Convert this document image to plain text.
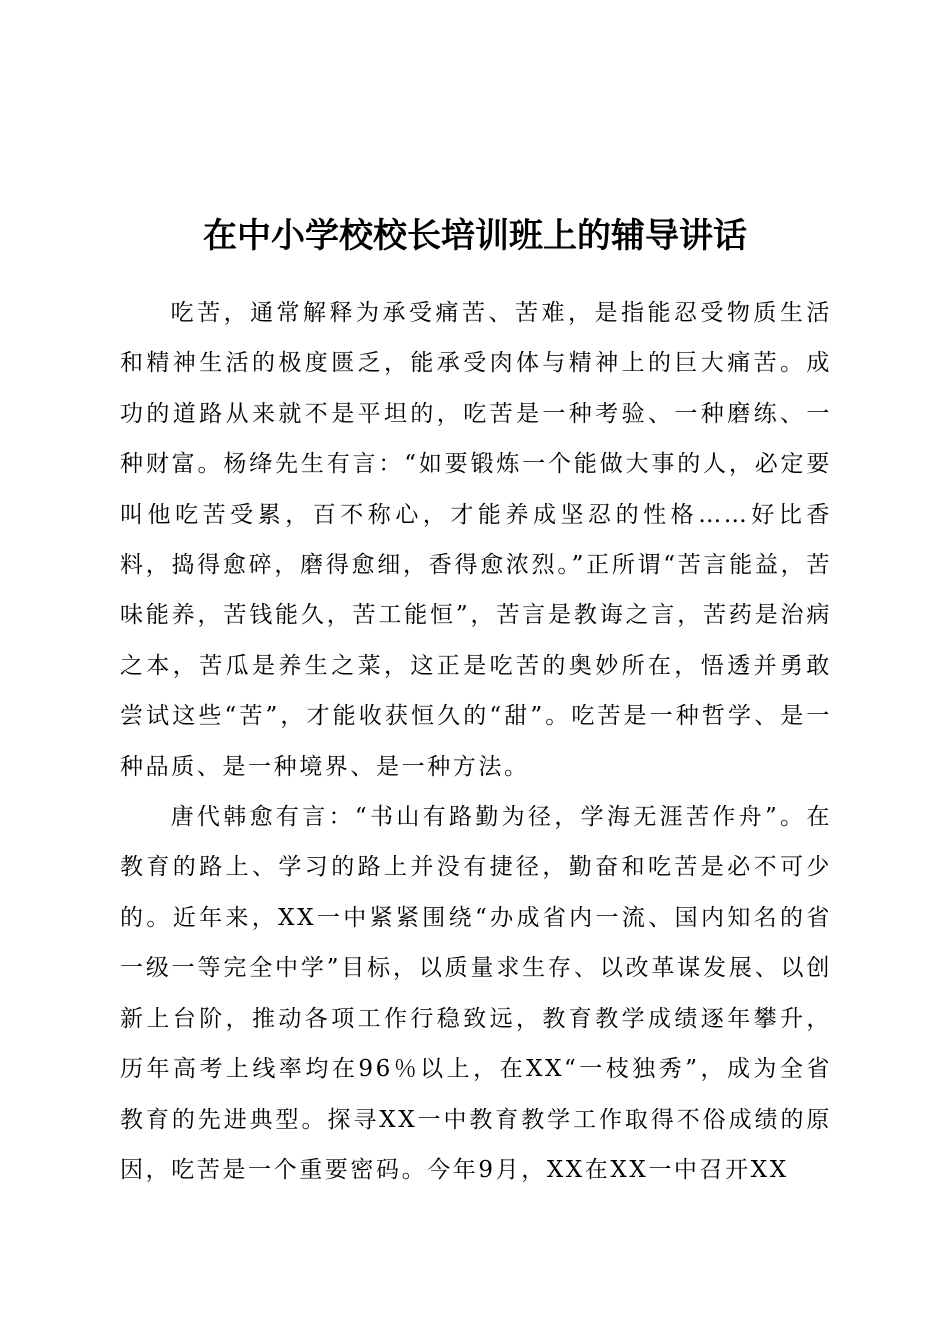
在中小学校校长培训班上的辅导讲话

吃苦，通常解释为承受痛苦、苦难，是指能忍受物质生活和精神生活的极度匮乏，能承受肉体与精神上的巨大痛苦。成功的道路从来就不是平坦的，吃苦是一种考验、一种磨练、一种财富。杨绛先生有言：“如要锻炼一个能做大事的人，必定要叫他吃苦受累，百不称心，才能养成坚忍的性格……好比香料，捣得愈碎，磨得愈细，香得愈浓烈。”正所谓“苦言能益，苦味能养，苦钱能久，苦工能恒”，苦言是教诲之言，苦药是治病之本，苦瓜是养生之菜，这正是吃苦的奥妙所在，悟透并勇敢尝试这些“苦”，才能收获恒久的“甜”。吃苦是一种哲学、是一种品质、是一种境界、是一种方法。

唐代韩愈有言：“书山有路勤为径，学海无涯苦作舟”。在教育的路上、学习的路上并没有捷径，勤奋和吃苦是必不可少的。近年来，XX一中紧紧围绕“办成省内一流、国内知名的省一级一等完全中学”目标，以质量求生存、以改革谋发展、以创新上台阶，推动各项工作行稳致远，教育教学成绩逐年攀升，历年高考上线率均在96％以上，在XX“一枝独秀”，成为全省教育的先进典型。探寻XX一中教育教学工作取得不俗成绩的原因，吃苦是一个重要密码。今年9月，XX在XX一中召开XX
